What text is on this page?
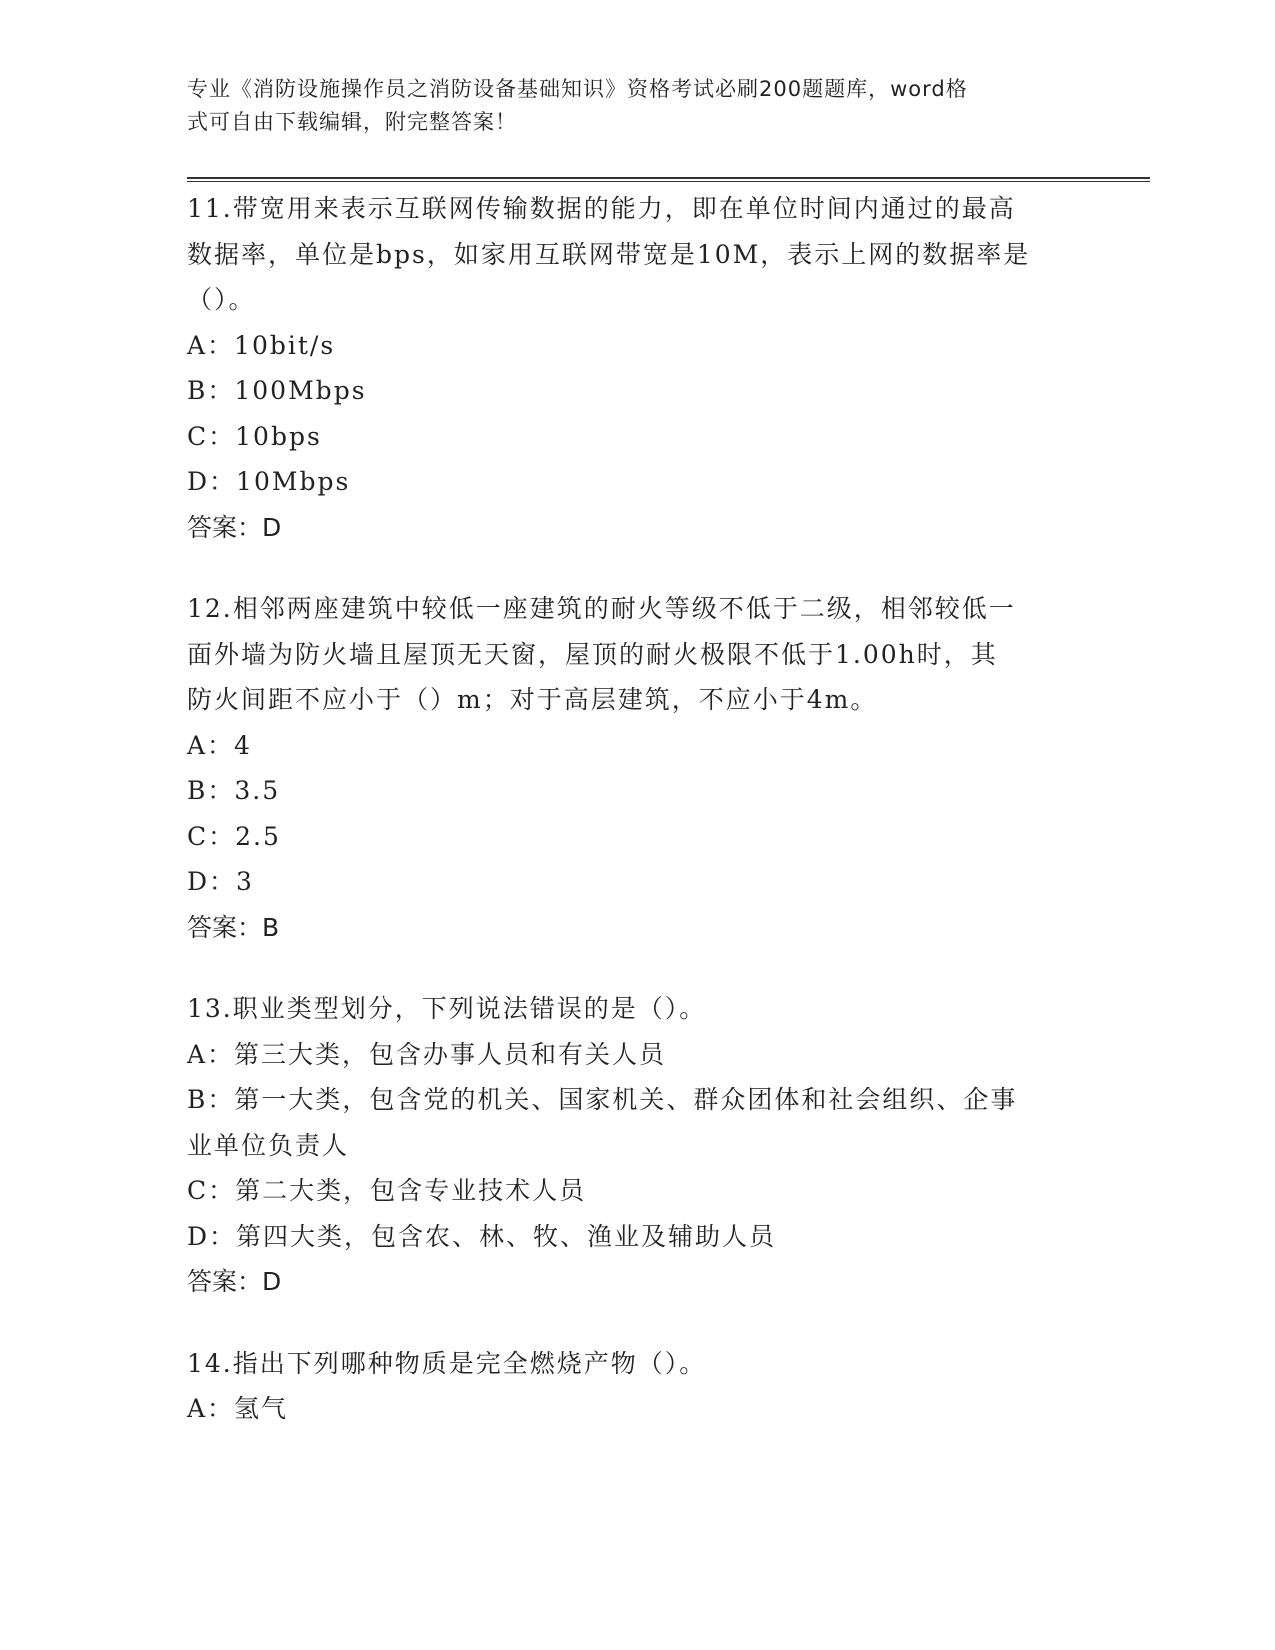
专业《消防设施操作员之消防设备基础知识》资格考试必刷200题题库，word格
式可自由下载编辑，附完整答案！

11.带宽用来表示互联网传输数据的能力，即在单位时间内通过的最高

数据率，单位是bps，如家用互联网带宽是10M，表示上网的数据率是

（）。

A：10bit/s

B：100Mbps

C：10bps

D：10Mbps

答案：D

12.相邻两座建筑中较低一座建筑的耐火等级不低于二级，相邻较低一

面外墙为防火墙且屋顶无天窗，屋顶的耐火极限不低于1.00h时，其

防火间距不应小于（）m；对于高层建筑，不应小于4m。

A：4

B：3.5

C：2.5

D：3

答案：B

13.职业类型划分，下列说法错误的是（）。

A：第三大类，包含办事人员和有关人员

B：第一大类，包含党的机关、国家机关、群众团体和社会组织、企事

业单位负责人

C：第二大类，包含专业技术人员

D：第四大类，包含农、林、牧、渔业及辅助人员

答案：D

14.指出下列哪种物质是完全燃烧产物（）。

A：氢气
